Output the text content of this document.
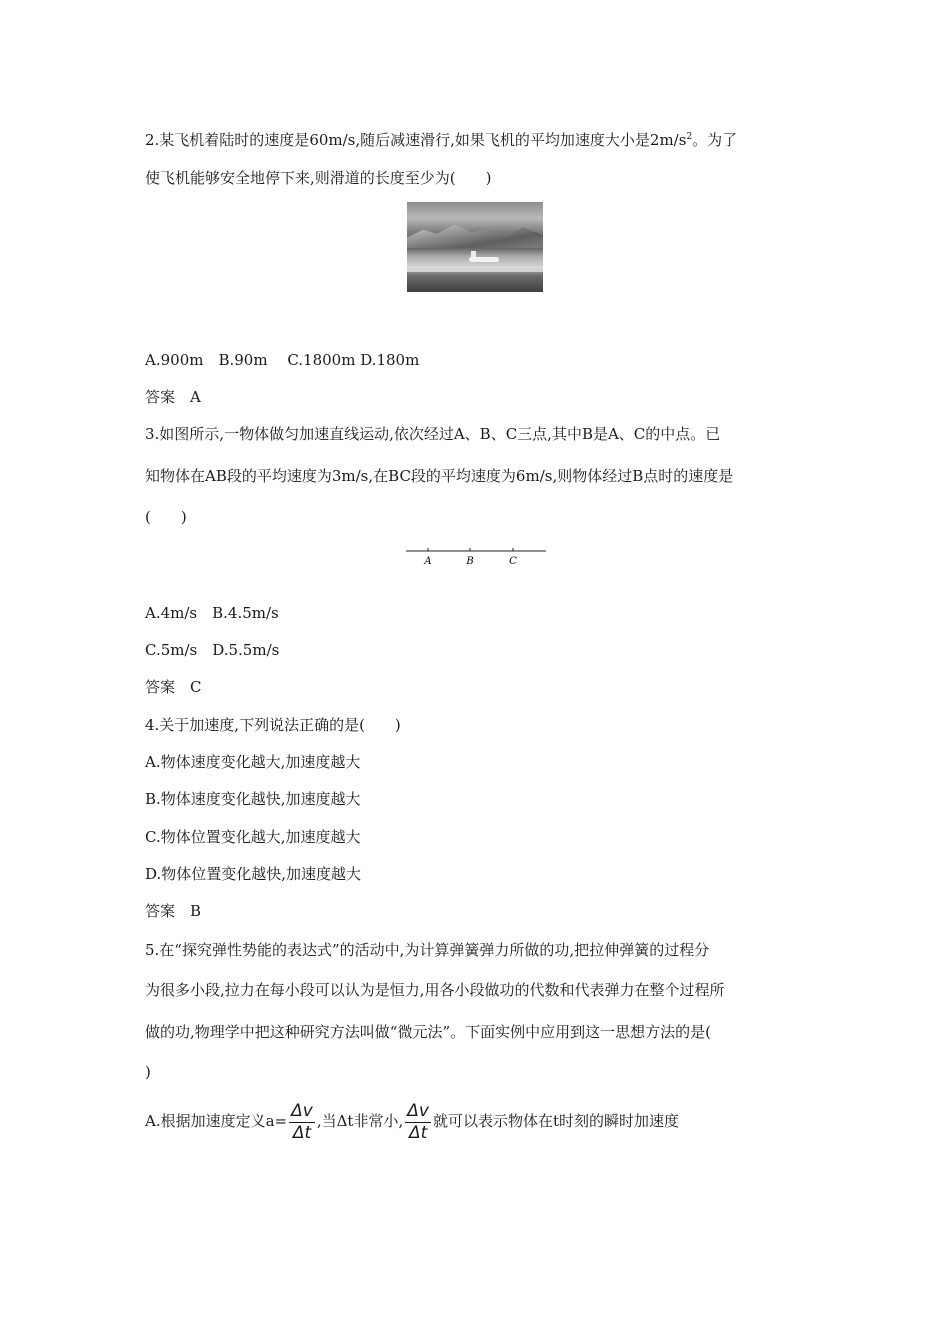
2.某飞机着陆时的速度是60m/s,随后减速滑行,如果飞机的平均加速度大小是$2m/s^2$。为了
使飞机能够安全地停下来,则滑道的长度至少为(　　)
A.900m　B.90m　 C.1800m D.180m
答案　A
3.如图所示,一物体做匀加速直线运动,依次经过A、B、C三点,其中B是A、C的中点。已
知物体在AB段的平均速度为3m/s,在BC段的平均速度为6m/s,则物体经过B点时的速度是
(　　)
A	B	C
A.4m/s　B.4.5m/s
C.5m/s　D.5.5m/s
答案　C
4.关于加速度,下列说法正确的是(　　)
A.物体速度变化越大,加速度越大
B.物体速度变化越快,加速度越大
C.物体位置变化越大,加速度越大
D.物体位置变化越快,加速度越大
答案　B
5.在“探究弹性势能的表达式”的活动中,为计算弹簧弹力所做的功,把拉伸弹簧的过程分
为很多小段,拉力在每小段可以认为是恒力,用各小段做功的代数和代表弹力在整个过程所
做的功,物理学中把这种研究方法叫做“微元法”。下面实例中应用到这一思想方法的是(
)
A.根据加速度定义$a= \frac{\Delta v}{\Delta t}$ ,当Δt非常小, $\frac{\Delta v}{\Delta t}$ 就可以表示物体在t时刻的瞬时加速度
